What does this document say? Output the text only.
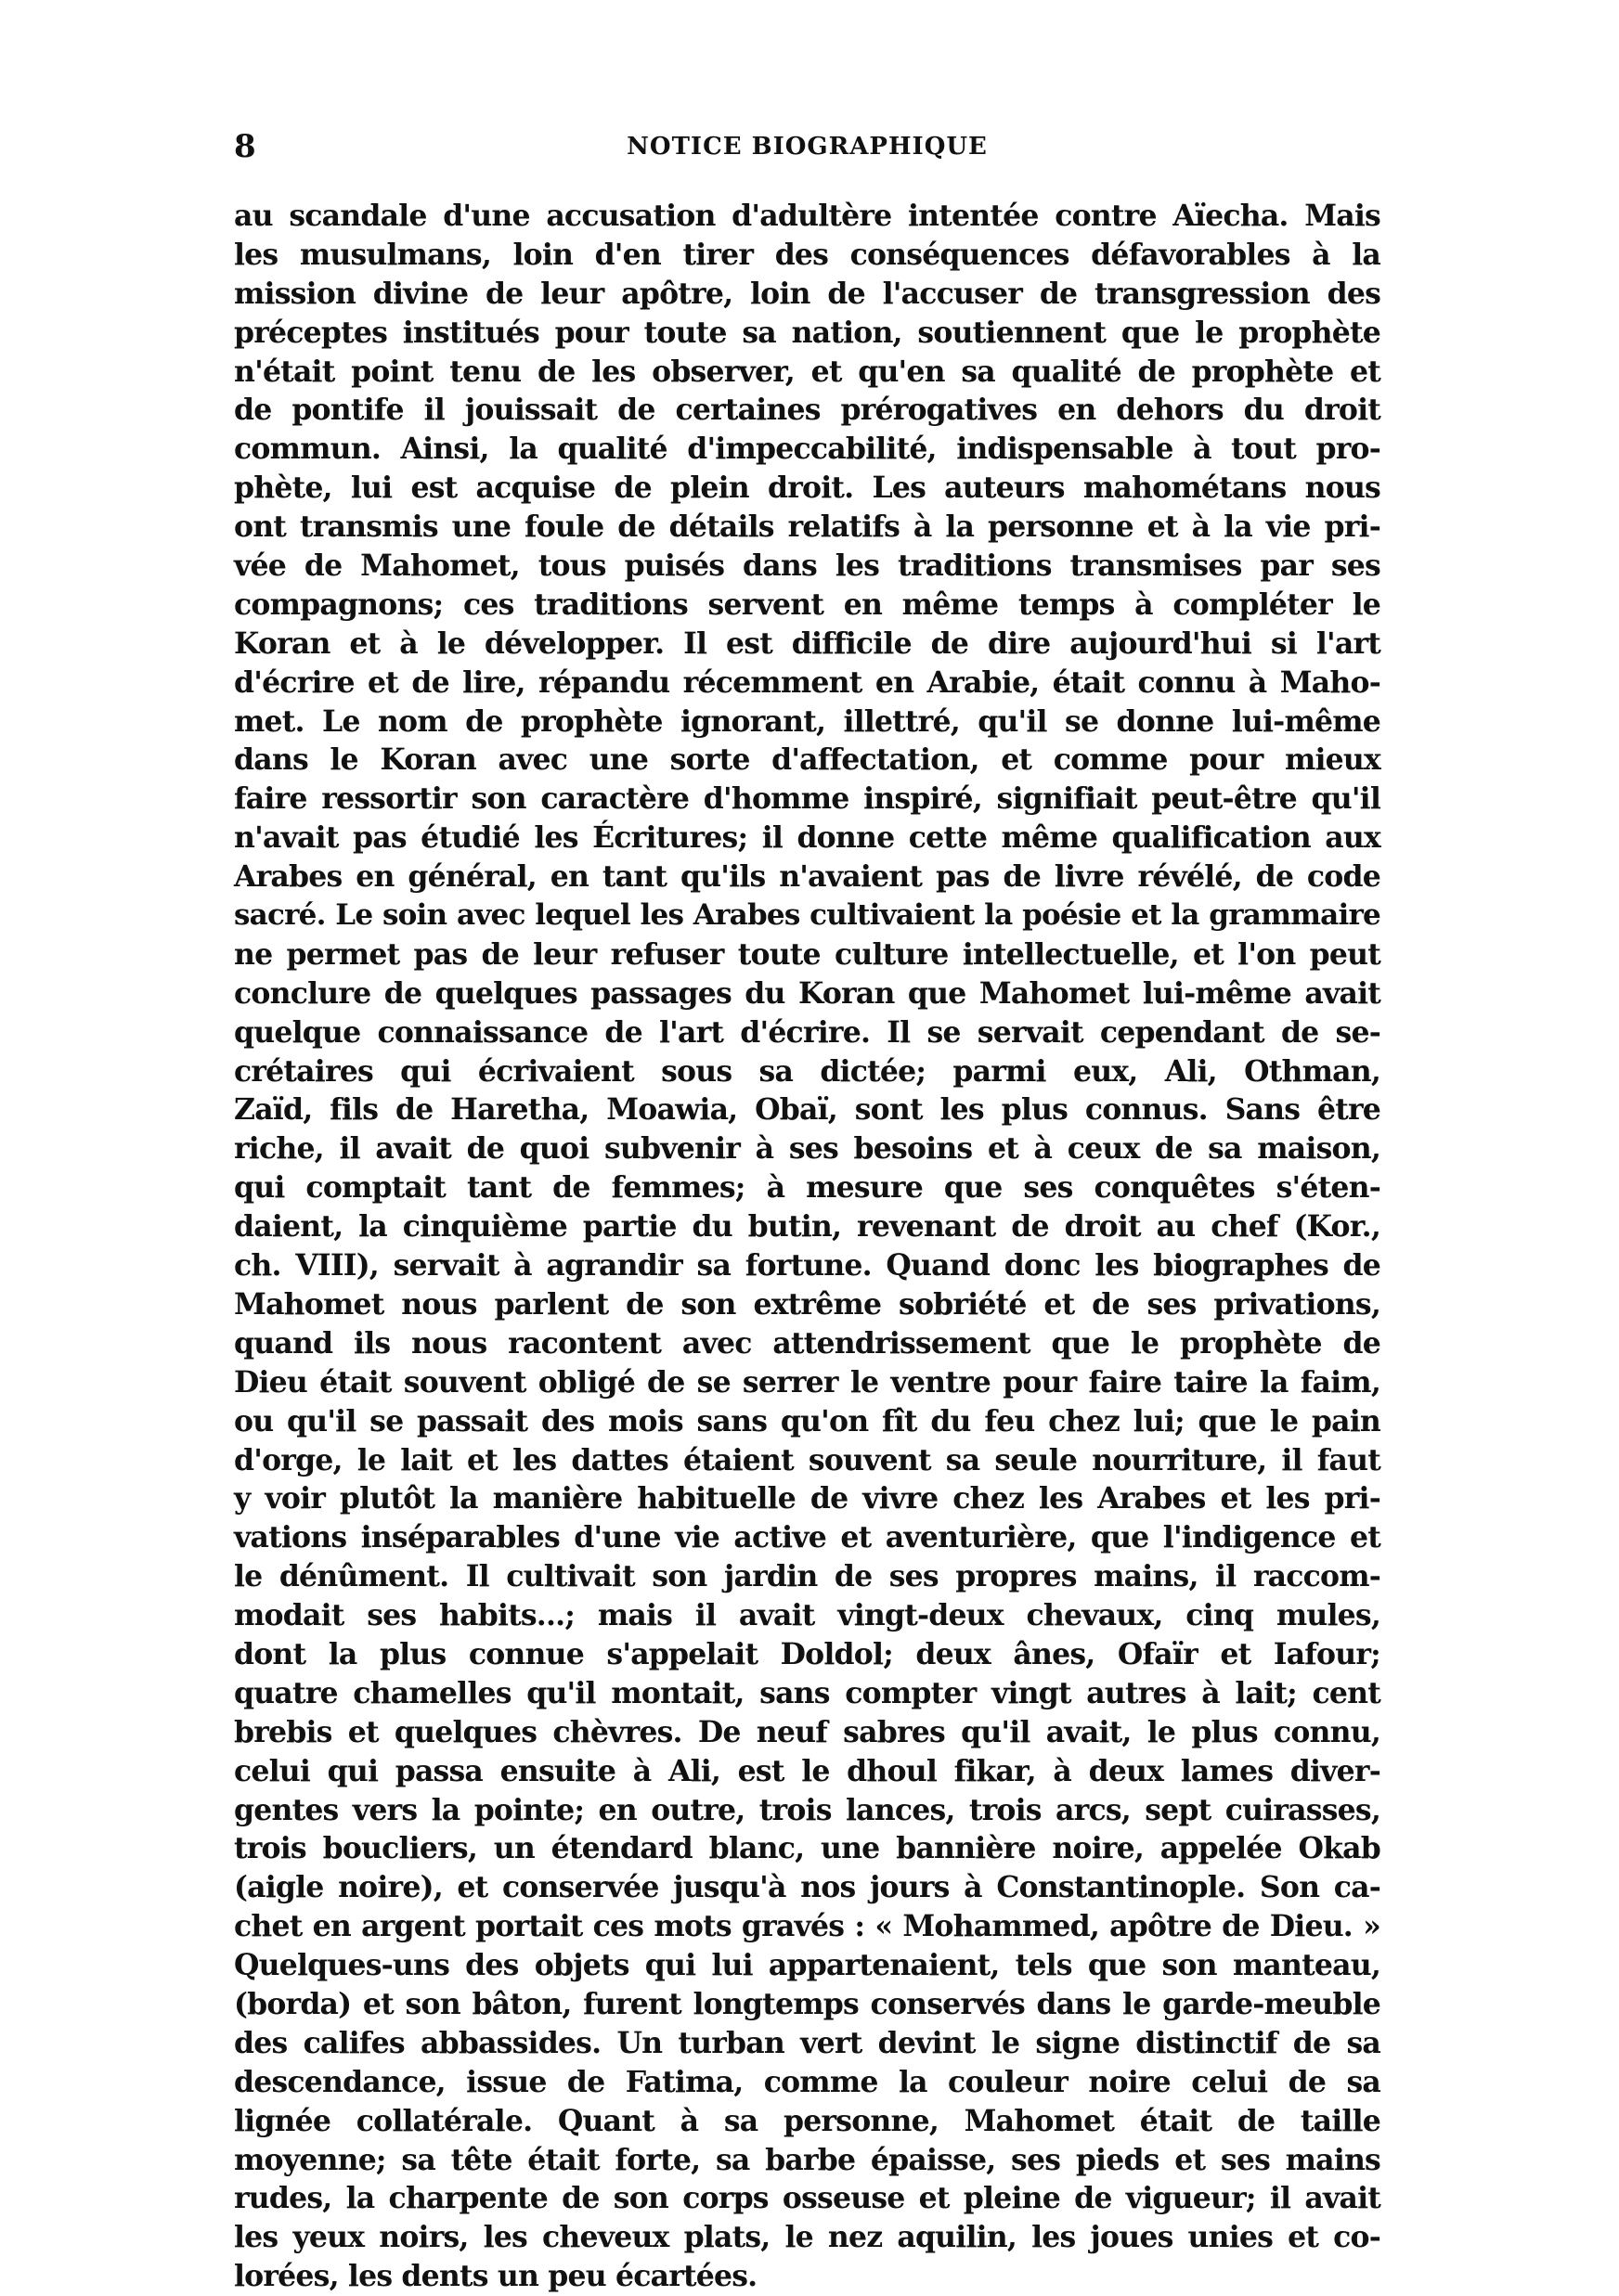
8	NOTICE BIOGRAPHIQUE
au scandale d'une accusation d'adultère intentée contre Aïecha. Mais
les musulmans, loin d'en tirer des conséquences défavorables à la
mission divine de leur apôtre, loin de l'accuser de transgression des
préceptes institués pour toute sa nation, soutiennent que le prophète
n'était point tenu de les observer, et qu'en sa qualité de prophète et
de pontife il jouissait de certaines prérogatives en dehors du droit
commun. Ainsi, la qualité d'impeccabilité, indispensable à tout pro-
phète, lui est acquise de plein droit. Les auteurs mahométans nous
ont transmis une foule de détails relatifs à la personne et à la vie pri-
vée de Mahomet, tous puisés dans les traditions transmises par ses
compagnons; ces traditions servent en même temps à compléter le
Koran et à le développer. Il est difficile de dire aujourd'hui si l'art
d'écrire et de lire, répandu récemment en Arabie, était connu à Maho-
met. Le nom de prophète ignorant, illettré, qu'il se donne lui-même
dans le Koran avec une sorte d'affectation, et comme pour mieux
faire ressortir son caractère d'homme inspiré, signifiait peut-être qu'il
n'avait pas étudié les Écritures; il donne cette même qualification aux
Arabes en général, en tant qu'ils n'avaient pas de livre révélé, de code
sacré. Le soin avec lequel les Arabes cultivaient la poésie et la grammaire
ne permet pas de leur refuser toute culture intellectuelle, et l'on peut
conclure de quelques passages du Koran que Mahomet lui-même avait
quelque connaissance de l'art d'écrire. Il se servait cependant de se-
crétaires qui écrivaient sous sa dictée; parmi eux, Ali, Othman,
Zaïd, fils de Haretha, Moawia, Obaï, sont les plus connus. Sans être
riche, il avait de quoi subvenir à ses besoins et à ceux de sa maison,
qui comptait tant de femmes; à mesure que ses conquêtes s'éten-
daient, la cinquième partie du butin, revenant de droit au chef (Kor.,
ch. VIII), servait à agrandir sa fortune. Quand donc les biographes de
Mahomet nous parlent de son extrême sobriété et de ses privations,
quand ils nous racontent avec attendrissement que le prophète de
Dieu était souvent obligé de se serrer le ventre pour faire taire la faim,
ou qu'il se passait des mois sans qu'on fît du feu chez lui; que le pain
d'orge, le lait et les dattes étaient souvent sa seule nourriture, il faut
y voir plutôt la manière habituelle de vivre chez les Arabes et les pri-
vations inséparables d'une vie active et aventurière, que l'indigence et
le dénûment. Il cultivait son jardin de ses propres mains, il raccom-
modait ses habits...; mais il avait vingt-deux chevaux, cinq mules,
dont la plus connue s'appelait Doldol; deux ânes, Ofaïr et Iafour;
quatre chamelles qu'il montait, sans compter vingt autres à lait; cent
brebis et quelques chèvres. De neuf sabres qu'il avait, le plus connu,
celui qui passa ensuite à Ali, est le dhoul fikar, à deux lames diver-
gentes vers la pointe; en outre, trois lances, trois arcs, sept cuirasses,
trois boucliers, un étendard blanc, une bannière noire, appelée Okab
(aigle noire), et conservée jusqu'à nos jours à Constantinople. Son ca-
chet en argent portait ces mots gravés : « Mohammed, apôtre de Dieu. »
Quelques-uns des objets qui lui appartenaient, tels que son manteau,
(borda) et son bâton, furent longtemps conservés dans le garde-meuble
des califes abbassides. Un turban vert devint le signe distinctif de sa
descendance, issue de Fatima, comme la couleur noire celui de sa
lignée collatérale. Quant à sa personne, Mahomet était de taille
moyenne; sa tête était forte, sa barbe épaisse, ses pieds et ses mains
rudes, la charpente de son corps osseuse et pleine de vigueur; il avait
les yeux noirs, les cheveux plats, le nez aquilin, les joues unies et co-
lorées, les dents un peu écartées.
